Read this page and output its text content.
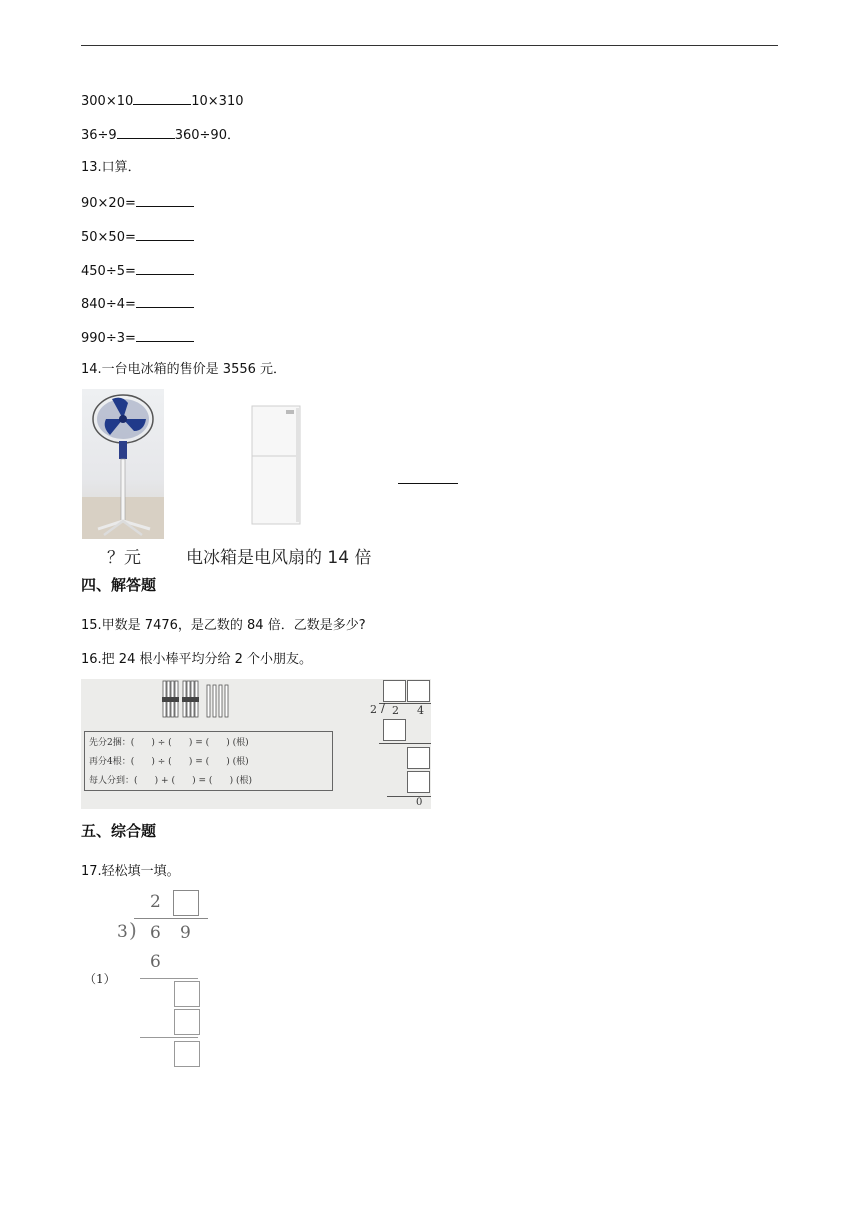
300×10	10×310
36÷9	360÷90．
13.口算．
90×20=
50×50=
450÷5=
840÷4=
990÷3=
14.一台电冰箱的售价是 3556 元．
？元	电冰箱是电风扇的 14 倍
四、解答题
15.甲数是 7476，是乙数的 84 倍．乙数是多少?
16.把 24 根小棒平均分给 2 个小朋友。
先分2捆：(      ) ÷ (      ) = (      ) (根)
再分4根：(      ) ÷ (      ) = (      ) (根)
每人分到：(      ) + (      ) = (      ) (根)
2 / 2 4
0
五、综合题
17.轻松填一填。
2
3 ) 6 9
（1）
6
